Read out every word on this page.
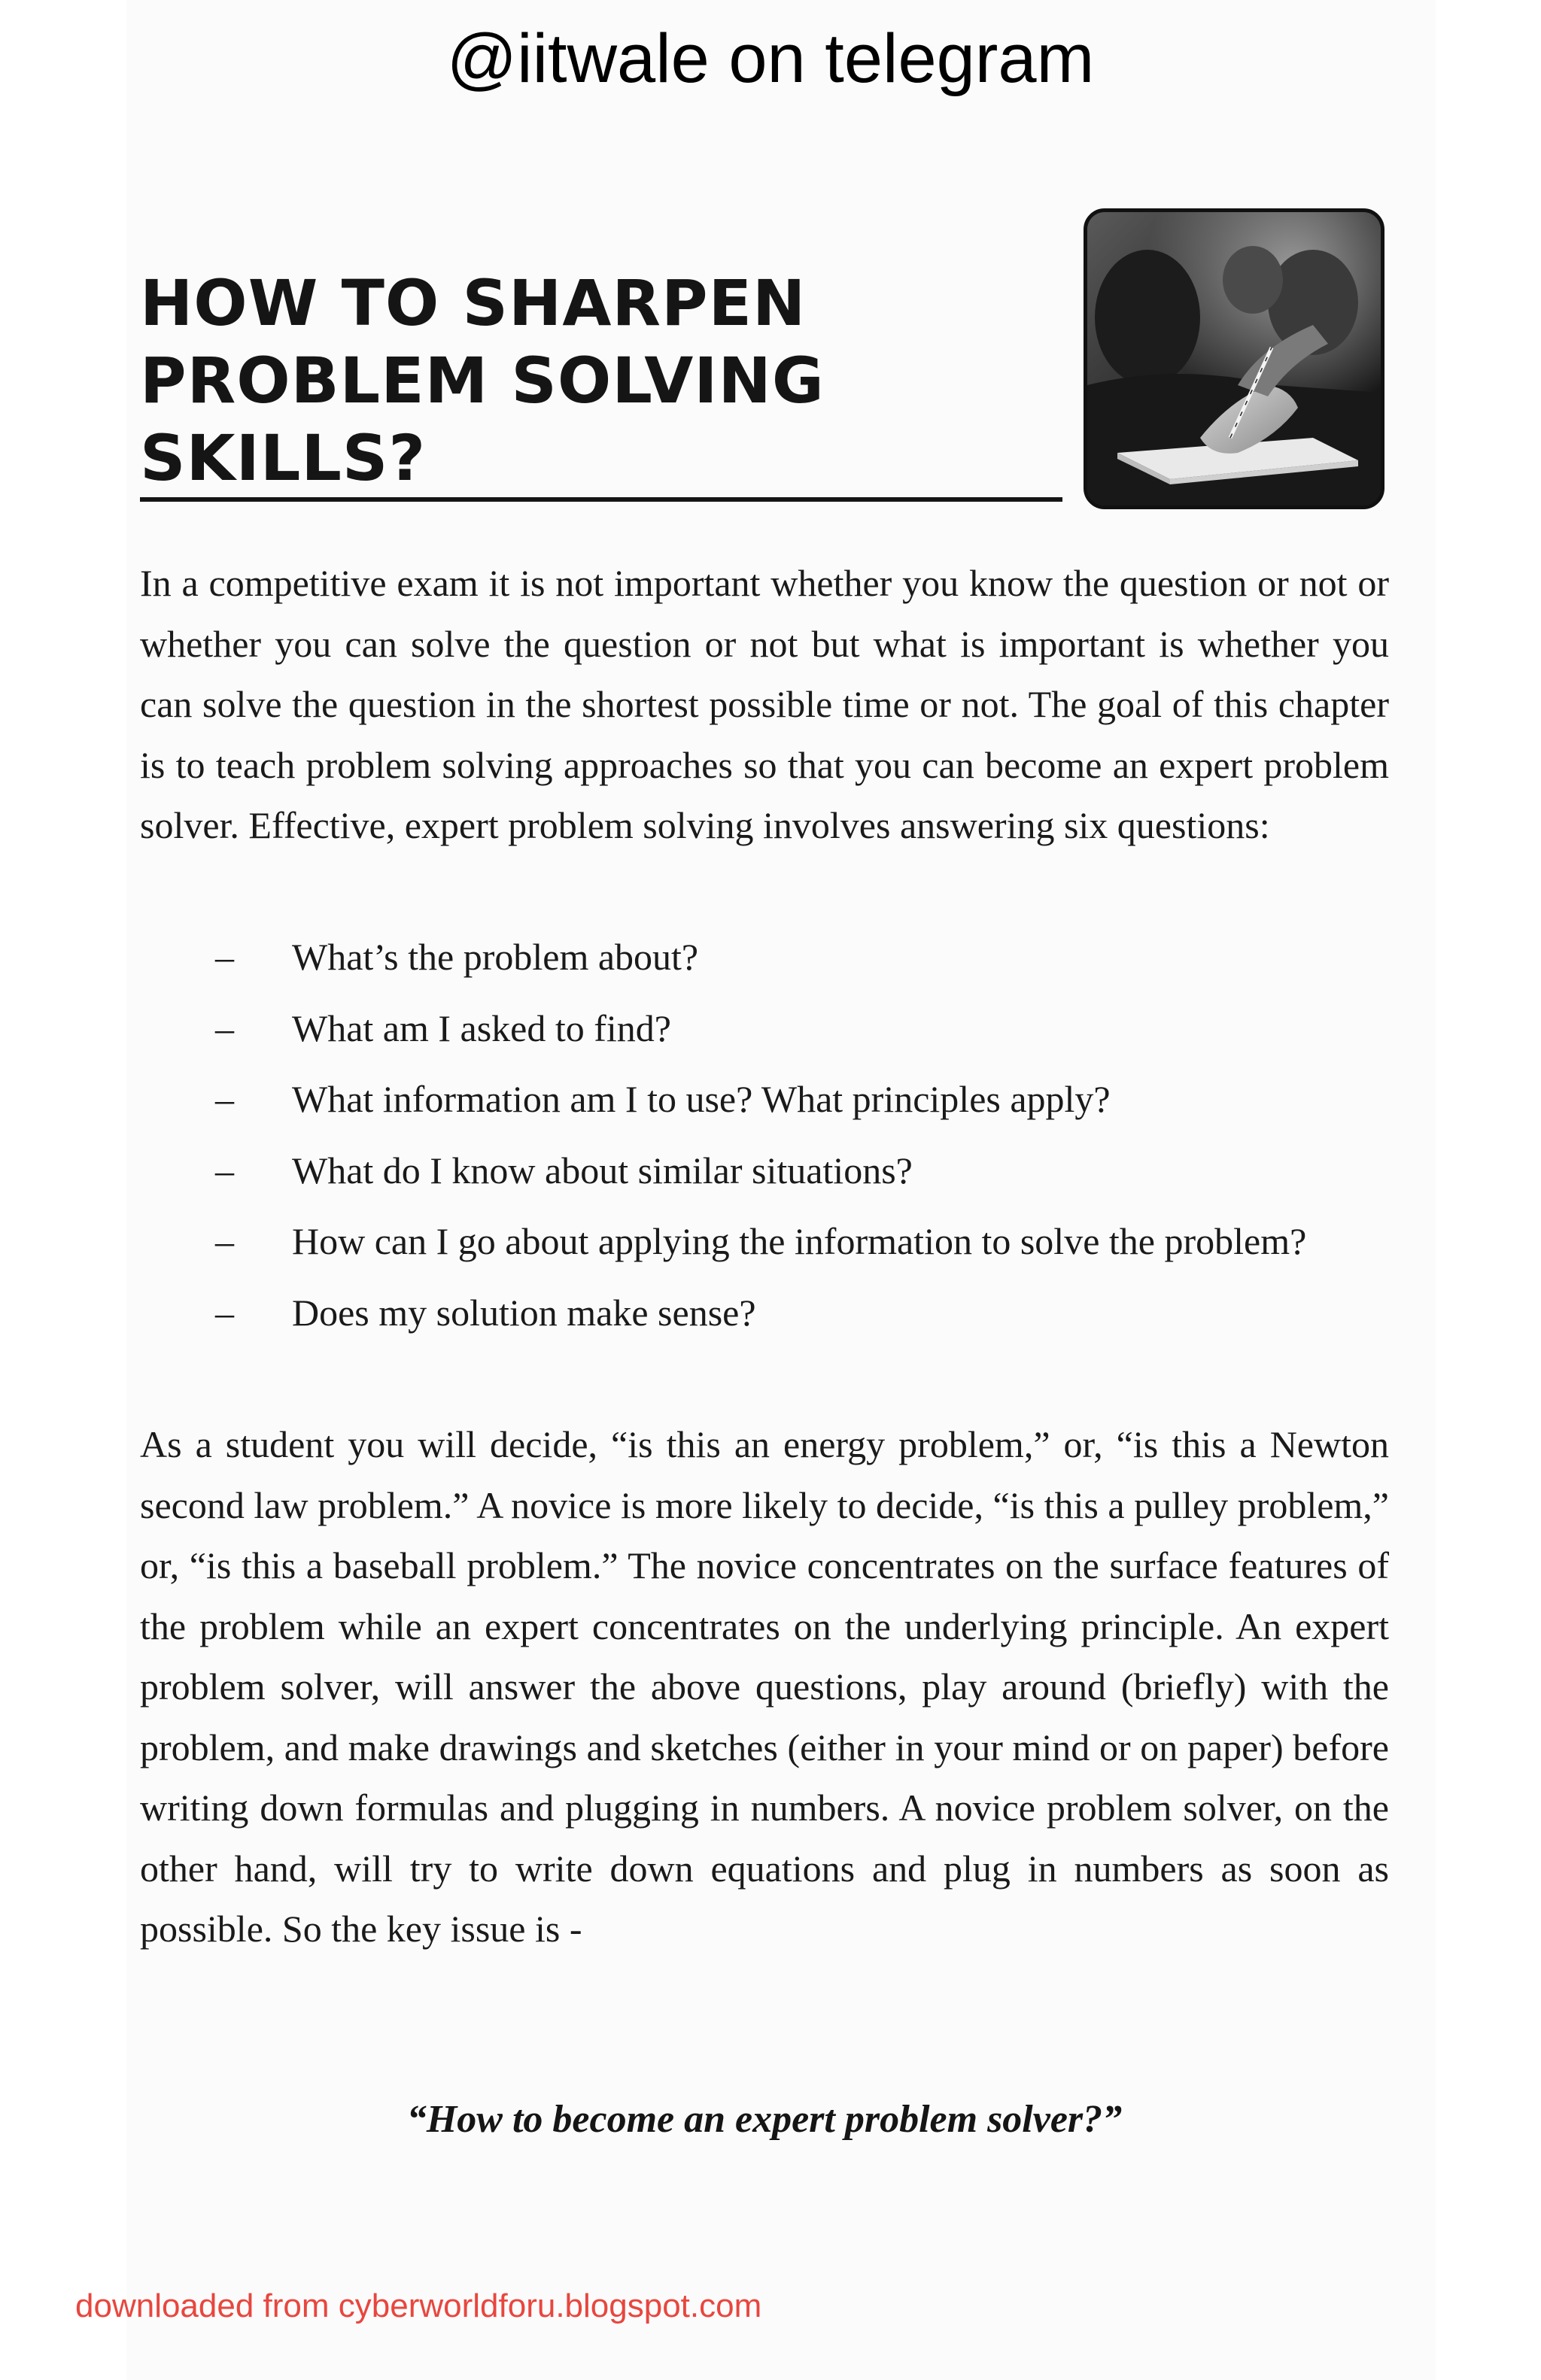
@iitwale on telegram
HOW TO SHARPEN
PROBLEM SOLVING
SKILLS?

In a competitive exam it is not important whether you know the question or not or whether you can solve the question or not but what is important is whether you can solve the question in the shortest possible time or not. The goal of this chapter is to teach problem solving approaches so that you can become an expert problem solver. Effective, expert problem solving involves answering six questions:

– What’s the problem about?
– What am I asked to find?
– What information am I to use? What principles apply?
– What do I know about similar situations?
– How can I go about applying the information to solve the problem?
– Does my solution make sense?

As a student you will decide, “is this an energy problem,” or, “is this a Newton second law problem.” A novice is more likely to decide, “is this a pulley problem,” or, “is this a baseball problem.” The novice concentrates on the surface features of the problem while an expert concentrates on the underlying principle. An expert problem solver, will answer the above questions, play around (briefly) with the problem, and make drawings and sketches (either in your mind or on paper) before writing down formulas and plugging in numbers. A novice problem solver, on the other hand, will try to write down equations and plug in numbers as soon as possible. So the key issue is -

“How to become an expert problem solver?”
downloaded from cyberworldforu.blogspot.com
